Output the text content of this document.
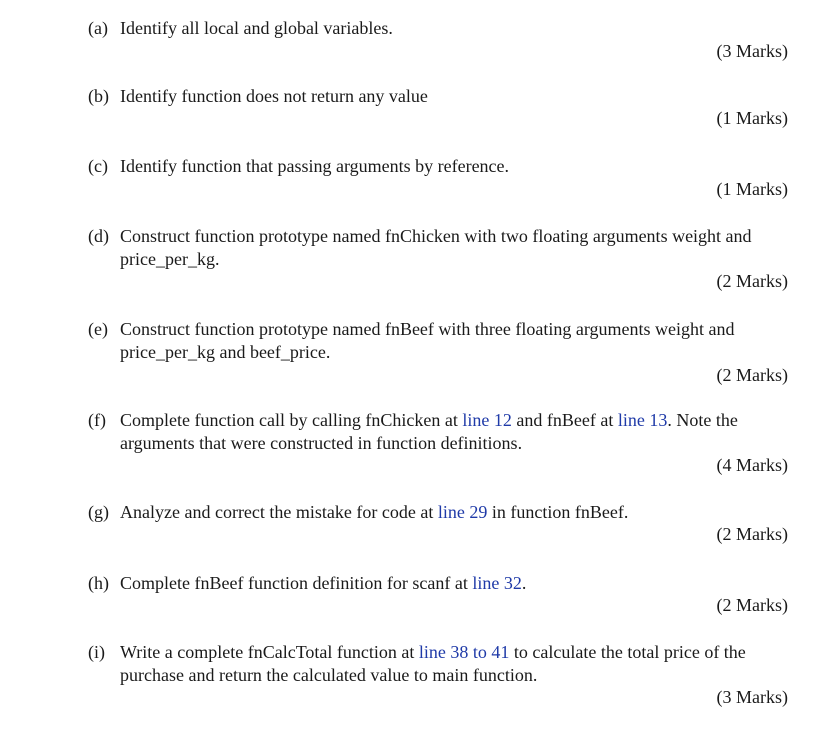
(a) Identify all local and global variables.
(3 Marks)
(b) Identify function does not return any value
(1 Marks)
(c) Identify function that passing arguments by reference.
(1 Marks)
(d) Construct function prototype named fnChicken with two floating arguments weight and price_per_kg.
(2 Marks)
(e) Construct function prototype named fnBeef with three floating arguments weight and price_per_kg and beef_price.
(2 Marks)
(f) Complete function call by calling fnChicken at line 12 and fnBeef at line 13. Note the arguments that were constructed in function definitions.
(4 Marks)
(g) Analyze and correct the mistake for code at line 29 in function fnBeef.
(2 Marks)
(h) Complete fnBeef function definition for scanf at line 32.
(2 Marks)
(i) Write a complete fnCalcTotal function at line 38 to 41 to calculate the total price of the purchase and return the calculated value to main function.
(3 Marks)
